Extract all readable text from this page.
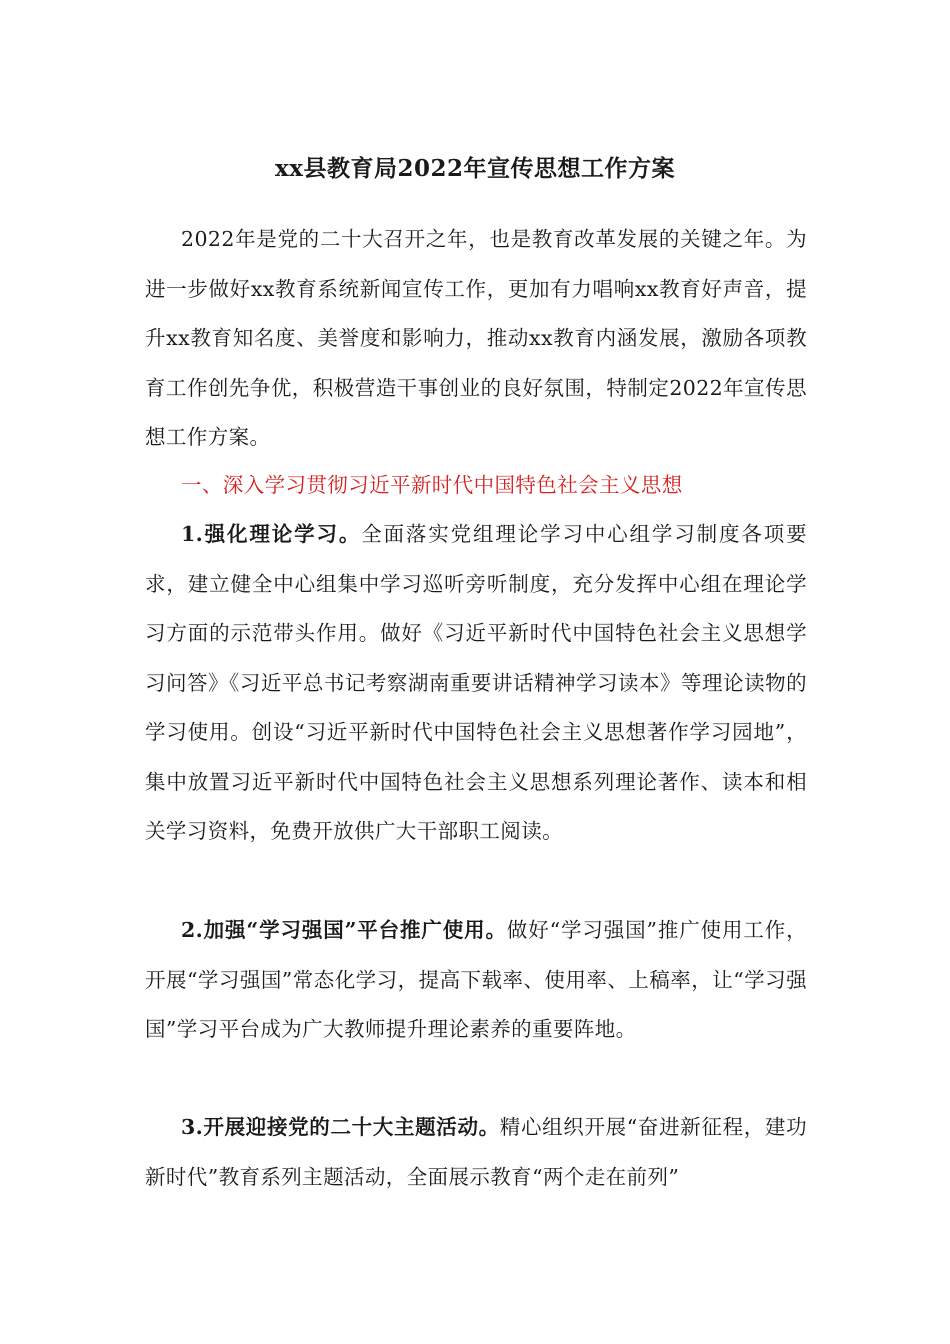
xx县教育局2022年宣传思想工作方案

2022年是党的二十大召开之年，也是教育改革发展的关键之年。为进一步做好xx教育系统新闻宣传工作，更加有力唱响xx教育好声音，提升xx教育知名度、美誉度和影响力，推动xx教育内涵发展，激励各项教育工作创先争优，积极营造干事创业的良好氛围，特制定2022年宣传思想工作方案。

一、深入学习贯彻习近平新时代中国特色社会主义思想

1.强化理论学习。全面落实党组理论学习中心组学习制度各项要求，建立健全中心组集中学习巡听旁听制度，充分发挥中心组在理论学习方面的示范带头作用。做好《习近平新时代中国特色社会主义思想学习问答》《习近平总书记考察湖南重要讲话精神学习读本》等理论读物的学习使用。创设“习近平新时代中国特色社会主义思想著作学习园地”，集中放置习近平新时代中国特色社会主义思想系列理论著作、读本和相关学习资料，免费开放供广大干部职工阅读。

2.加强“学习强国”平台推广使用。做好“学习强国”推广使用工作，开展“学习强国”常态化学习，提高下载率、使用率、上稿率，让“学习强国”学习平台成为广大教师提升理论素养的重要阵地。

3.开展迎接党的二十大主题活动。精心组织开展“奋进新征程，建功新时代”教育系列主题活动，全面展示教育“两个走在前列”
